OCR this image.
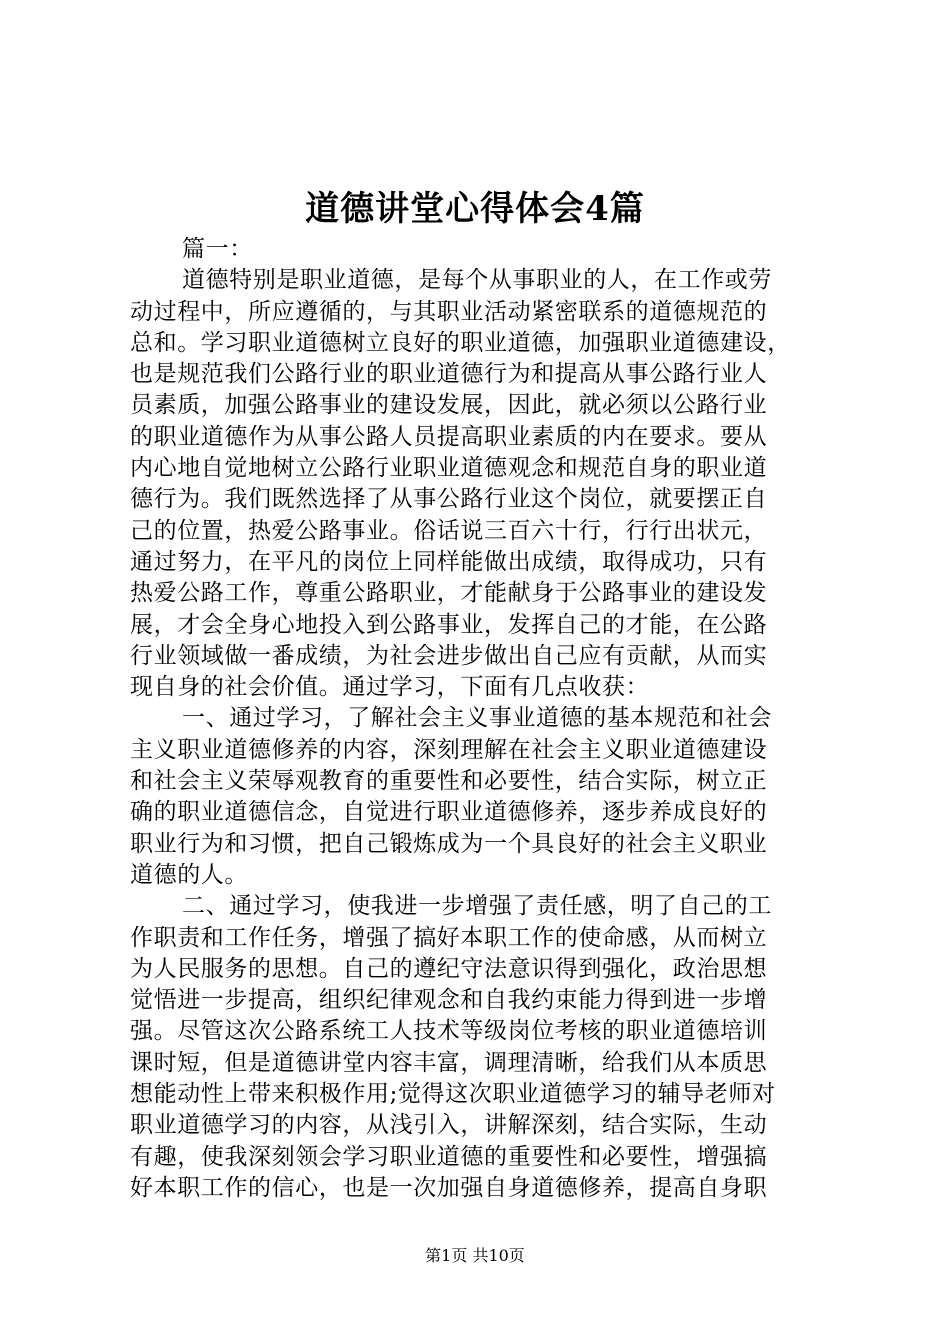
道德讲堂心得体会4篇
篇一：
道德特别是职业道德，是每个从事职业的人，在工作或劳
动过程中，所应遵循的，与其职业活动紧密联系的道德规范的
总和。学习职业道德树立良好的职业道德，加强职业道德建设，
也是规范我们公路行业的职业道德行为和提高从事公路行业人
员素质，加强公路事业的建设发展，因此，就必须以公路行业
的职业道德作为从事公路人员提高职业素质的内在要求。要从
内心地自觉地树立公路行业职业道德观念和规范自身的职业道
德行为。我们既然选择了从事公路行业这个岗位，就要摆正自
己的位置，热爱公路事业。俗话说三百六十行，行行出状元，
通过努力，在平凡的岗位上同样能做出成绩，取得成功，只有
热爱公路工作，尊重公路职业，才能献身于公路事业的建设发
展，才会全身心地投入到公路事业，发挥自己的才能，在公路
行业领域做一番成绩，为社会进步做出自己应有贡献，从而实
现自身的社会价值。通过学习，下面有几点收获：
一、通过学习，了解社会主义事业道德的基本规范和社会
主义职业道德修养的内容，深刻理解在社会主义职业道德建设
和社会主义荣辱观教育的重要性和必要性，结合实际，树立正
确的职业道德信念，自觉进行职业道德修养，逐步养成良好的
职业行为和习惯，把自己锻炼成为一个具良好的社会主义职业
道德的人。
二、通过学习，使我进一步增强了责任感，明了自己的工
作职责和工作任务，增强了搞好本职工作的使命感，从而树立
为人民服务的思想。自己的遵纪守法意识得到强化，政治思想
觉悟进一步提高，组织纪律观念和自我约束能力得到进一步增
强。尽管这次公路系统工人技术等级岗位考核的职业道德培训
课时短，但是道德讲堂内容丰富，调理清晰，给我们从本质思
想能动性上带来积极作用;觉得这次职业道德学习的辅导老师对
职业道德学习的内容，从浅引入，讲解深刻，结合实际，生动
有趣，使我深刻领会学习职业道德的重要性和必要性，增强搞
好本职工作的信心，也是一次加强自身道德修养，提高自身职
第1页 共10页
